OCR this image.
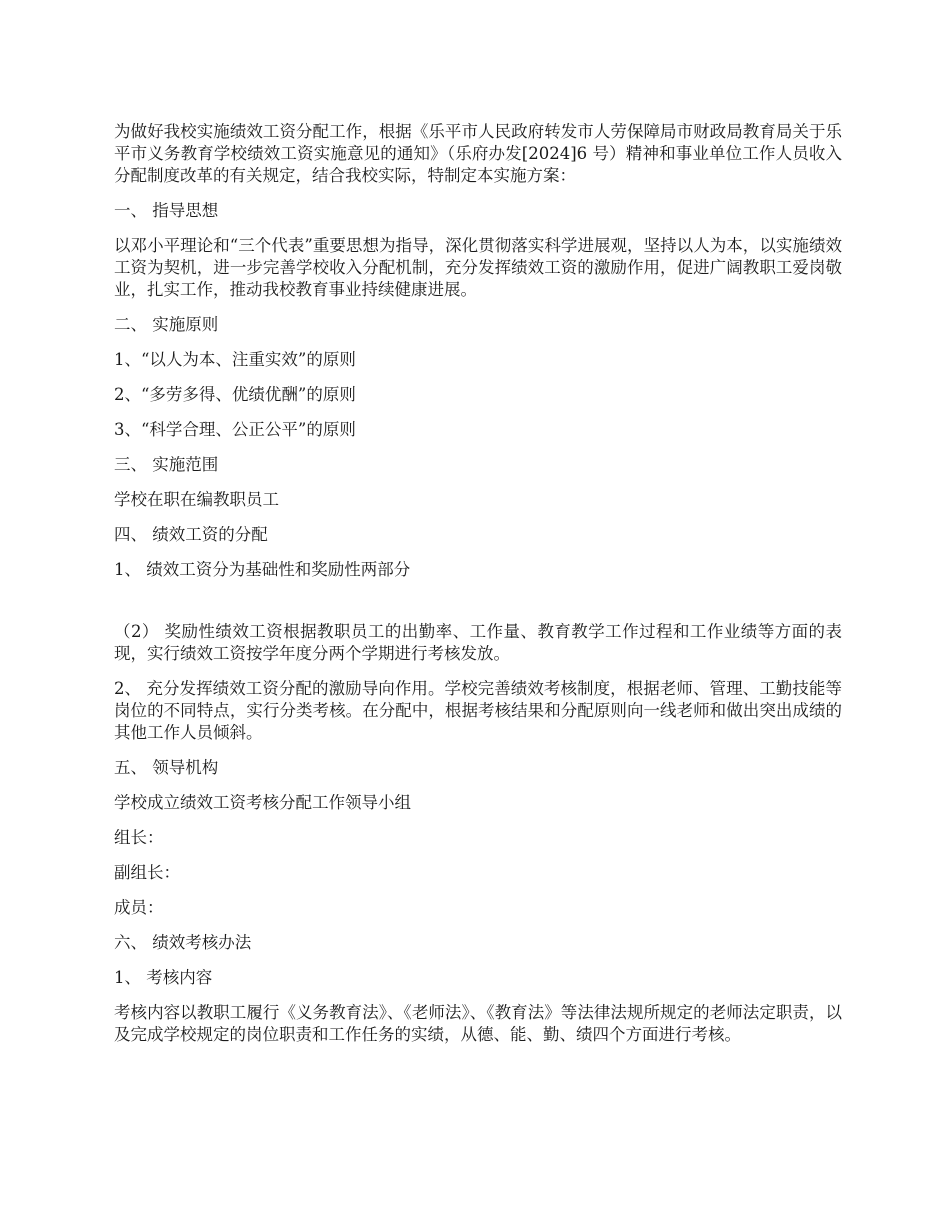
为做好我校实施绩效工资分配工作，根据《乐平市人民政府转发市人劳保障局市财政局教育局关于乐平市义务教育学校绩效工资实施意见的通知》（乐府办发[2024]6 号）精神和事业单位工作人员收入分配制度改革的有关规定，结合我校实际，特制定本实施方案：

一、 指导思想

以邓小平理论和“三个代表”重要思想为指导，深化贯彻落实科学进展观，坚持以人为本，以实施绩效工资为契机，进一步完善学校收入分配机制，充分发挥绩效工资的激励作用，促进广阔教职工爱岗敬业，扎实工作，推动我校教育事业持续健康进展。

二、 实施原则

1、“以人为本、注重实效”的原则

2、“多劳多得、优绩优酬”的原则

3、“科学合理、公正公平”的原则

三、 实施范围

学校在职在编教职员工

四、 绩效工资的分配

1、 绩效工资分为基础性和奖励性两部分

（2） 奖励性绩效工资根据教职员工的出勤率、工作量、教育教学工作过程和工作业绩等方面的表现，实行绩效工资按学年度分两个学期进行考核发放。

2、 充分发挥绩效工资分配的激励导向作用。学校完善绩效考核制度，根据老师、管理、工勤技能等岗位的不同特点，实行分类考核。在分配中，根据考核结果和分配原则向一线老师和做出突出成绩的其他工作人员倾斜。

五、 领导机构

学校成立绩效工资考核分配工作领导小组

组长：

副组长：

成员：

六、 绩效考核办法

1、 考核内容

考核内容以教职工履行《义务教育法》、《老师法》、《教育法》等法律法规所规定的老师法定职责，以及完成学校规定的岗位职责和工作任务的实绩，从德、能、勤、绩四个方面进行考核。
